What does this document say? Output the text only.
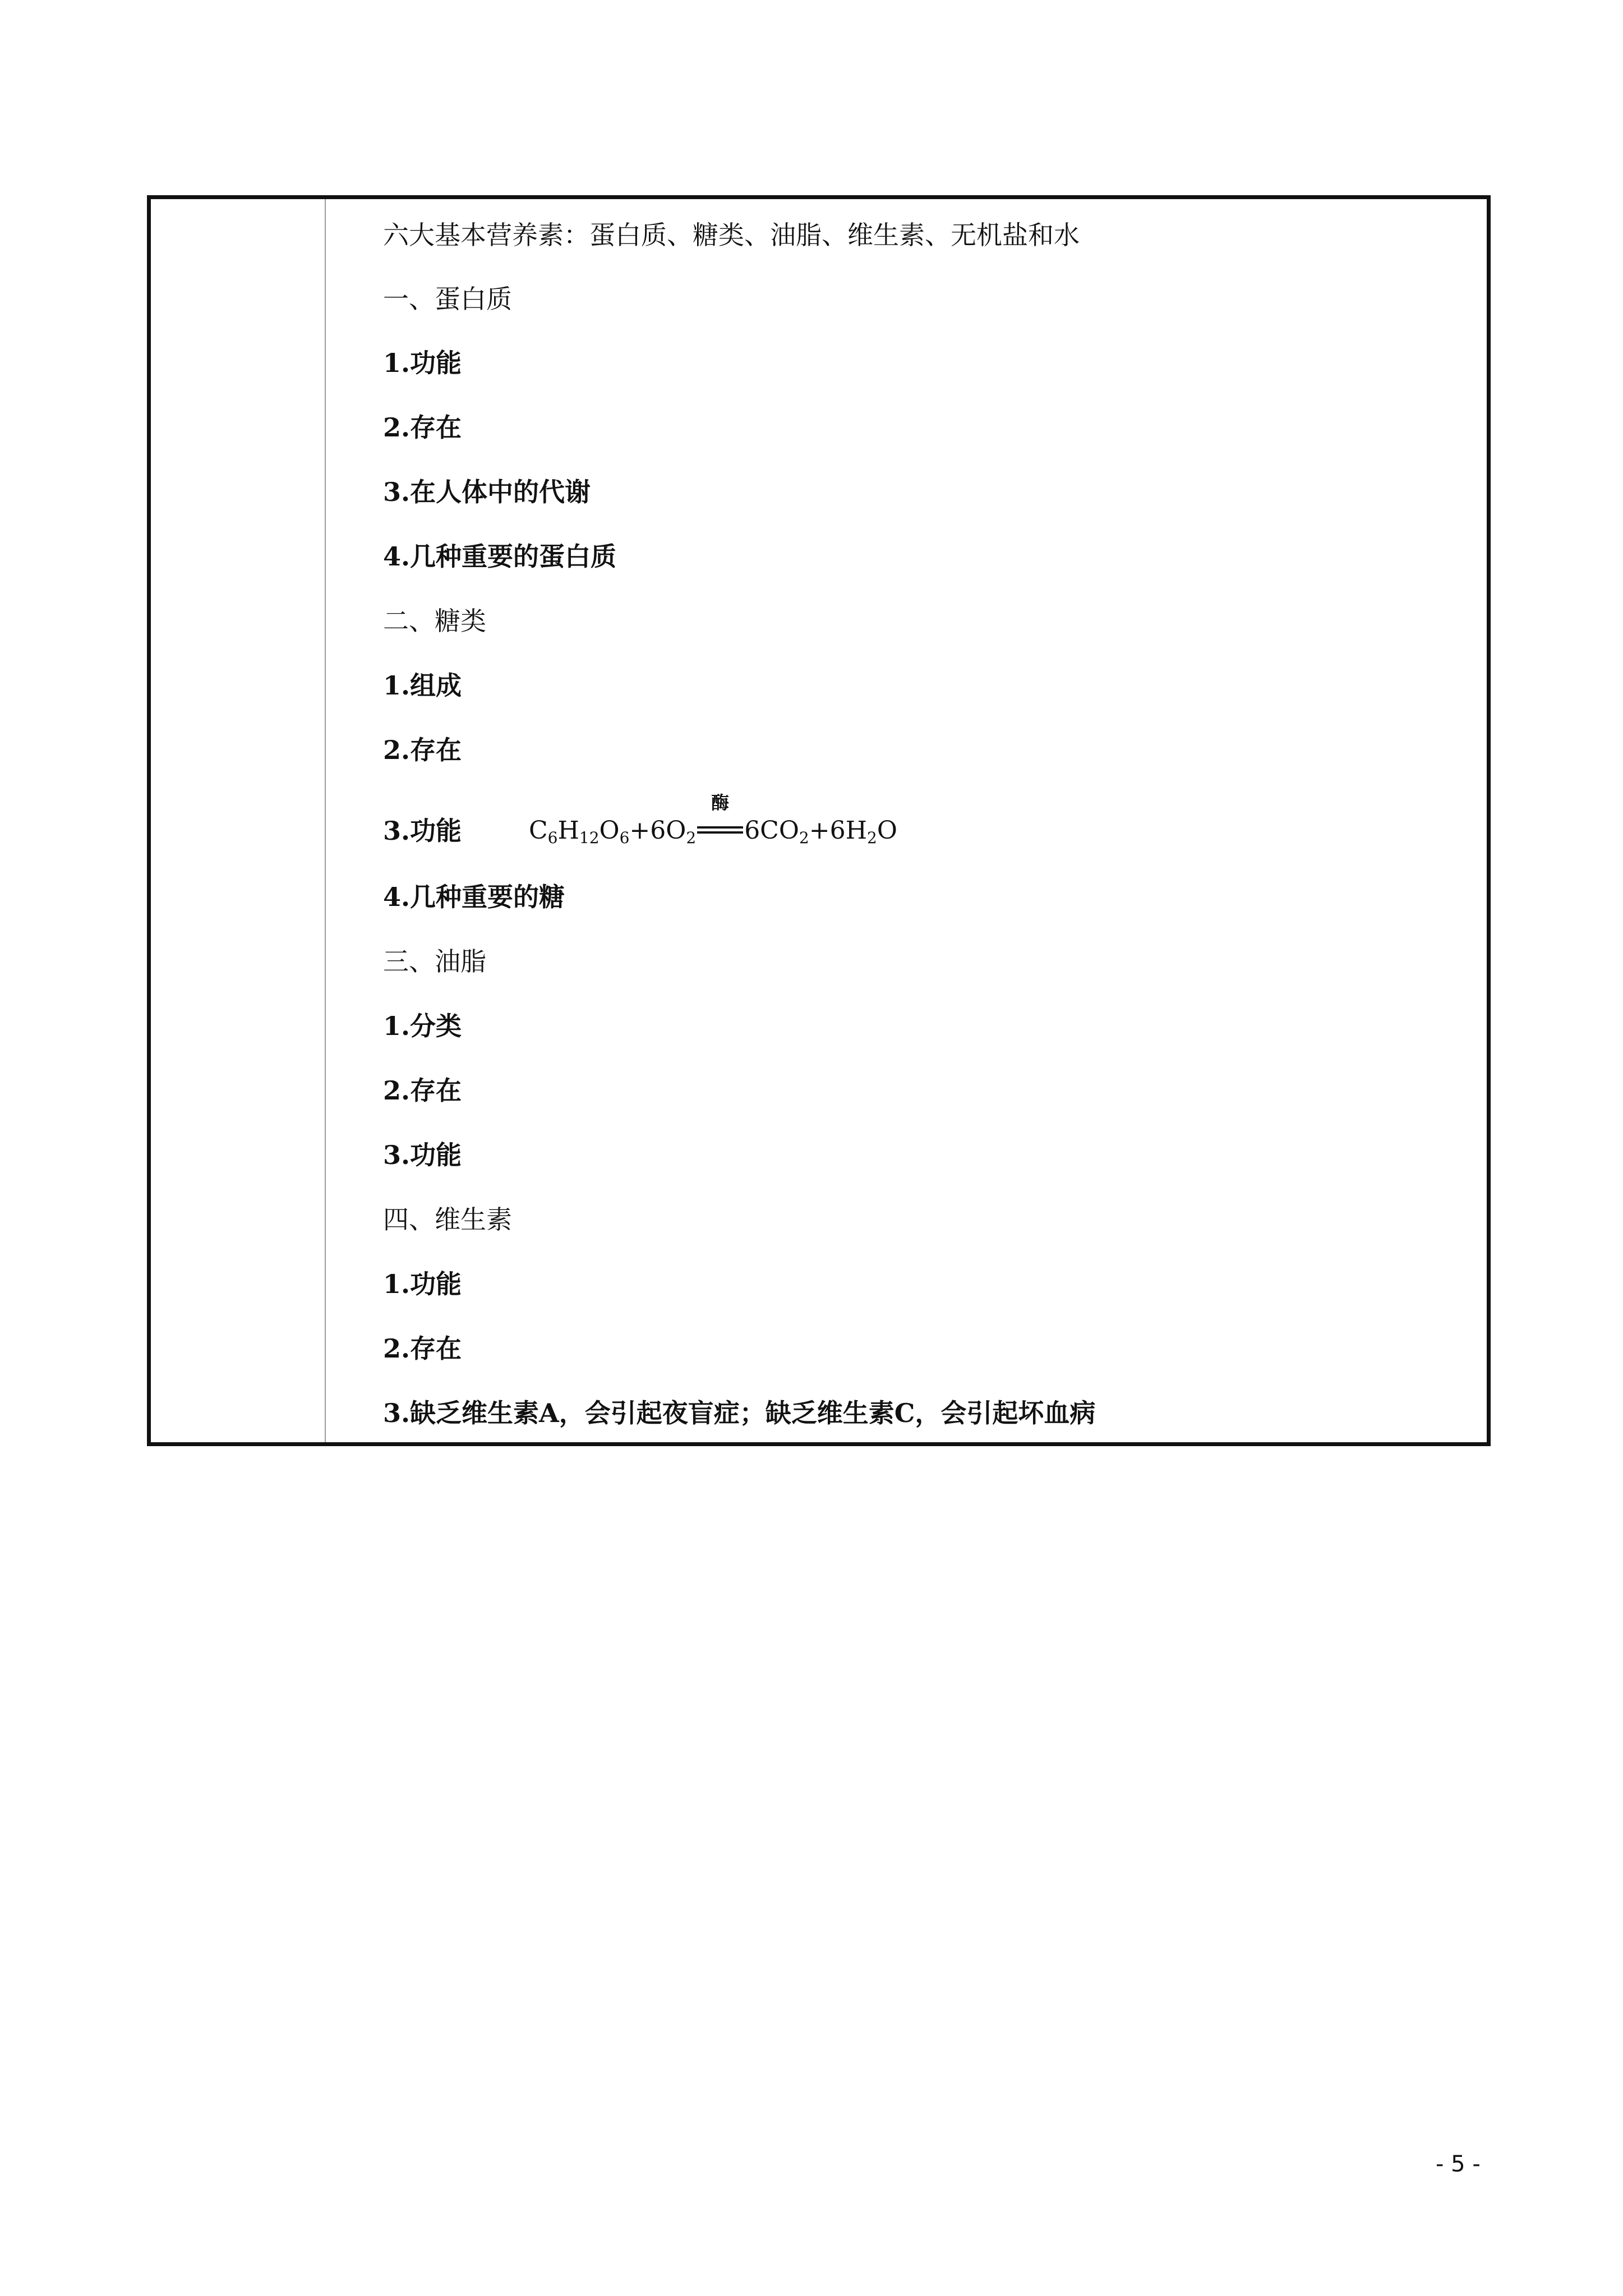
六大基本营养素：蛋白质、糖类、油脂、维生素、无机盐和水
一、蛋白质
1.功能
2.存在
3.在人体中的代谢
4.几种重要的蛋白质
二、糖类
1.组成
2.存在
3.功能	$C_6H_{12}O_6+6O_2$
酶
$6CO_2+6H_2O$
4.几种重要的糖
三、油脂
1.分类
2.存在
3.功能
四、维生素
1.功能
2.存在
3.缺乏维生素A，会引起夜盲症；缺乏维生素C，会引起坏血病
- 5 -
